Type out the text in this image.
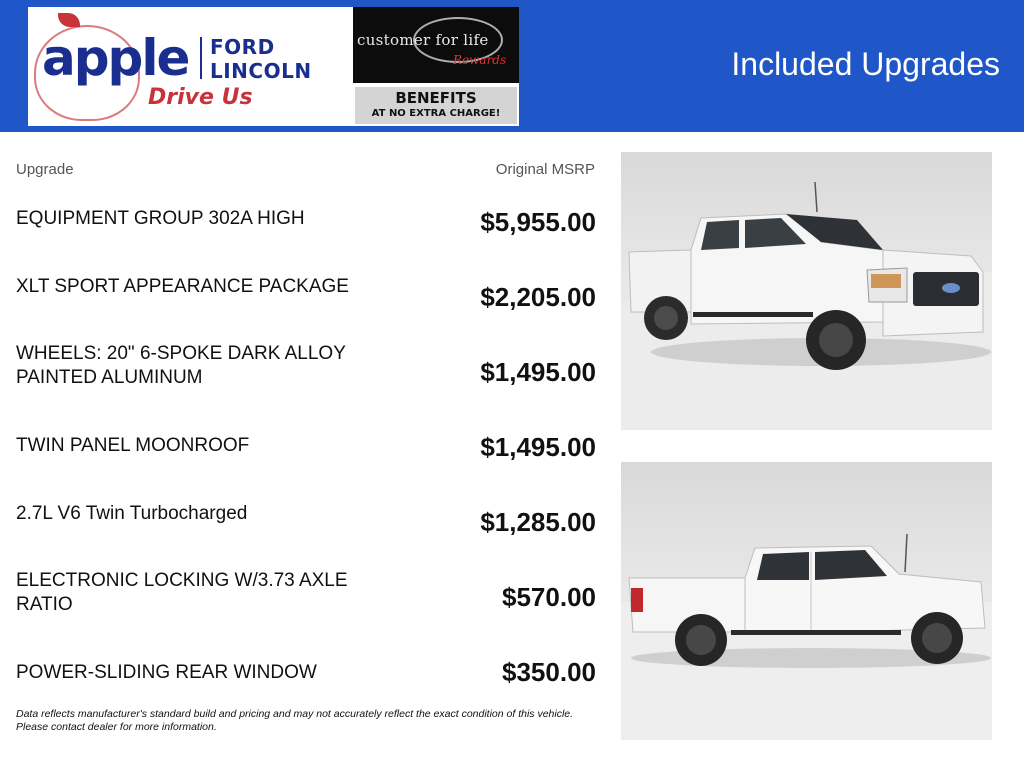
apple FORD
LINCOLN
Drive Us
customer for life
Rewards
BENEFITS
AT NO EXTRA CHARGE!
Included Upgrades
Upgrade	Original MSRP
EQUIPMENT GROUP 302A HIGH	$5,955.00
XLT SPORT APPEARANCE PACKAGE	$2,205.00
WHEELS: 20" 6-SPOKE DARK ALLOY PAINTED ALUMINUM	$1,495.00
TWIN PANEL MOONROOF	$1,495.00
2.7L V6 Twin Turbocharged	$1,285.00
ELECTRONIC LOCKING W/3.73 AXLE RATIO	$570.00
POWER-SLIDING REAR WINDOW	$350.00
Data reflects manufacturer's standard build and pricing and may not accurately reflect the exact condition of this vehicle.
Please contact dealer for more information.
